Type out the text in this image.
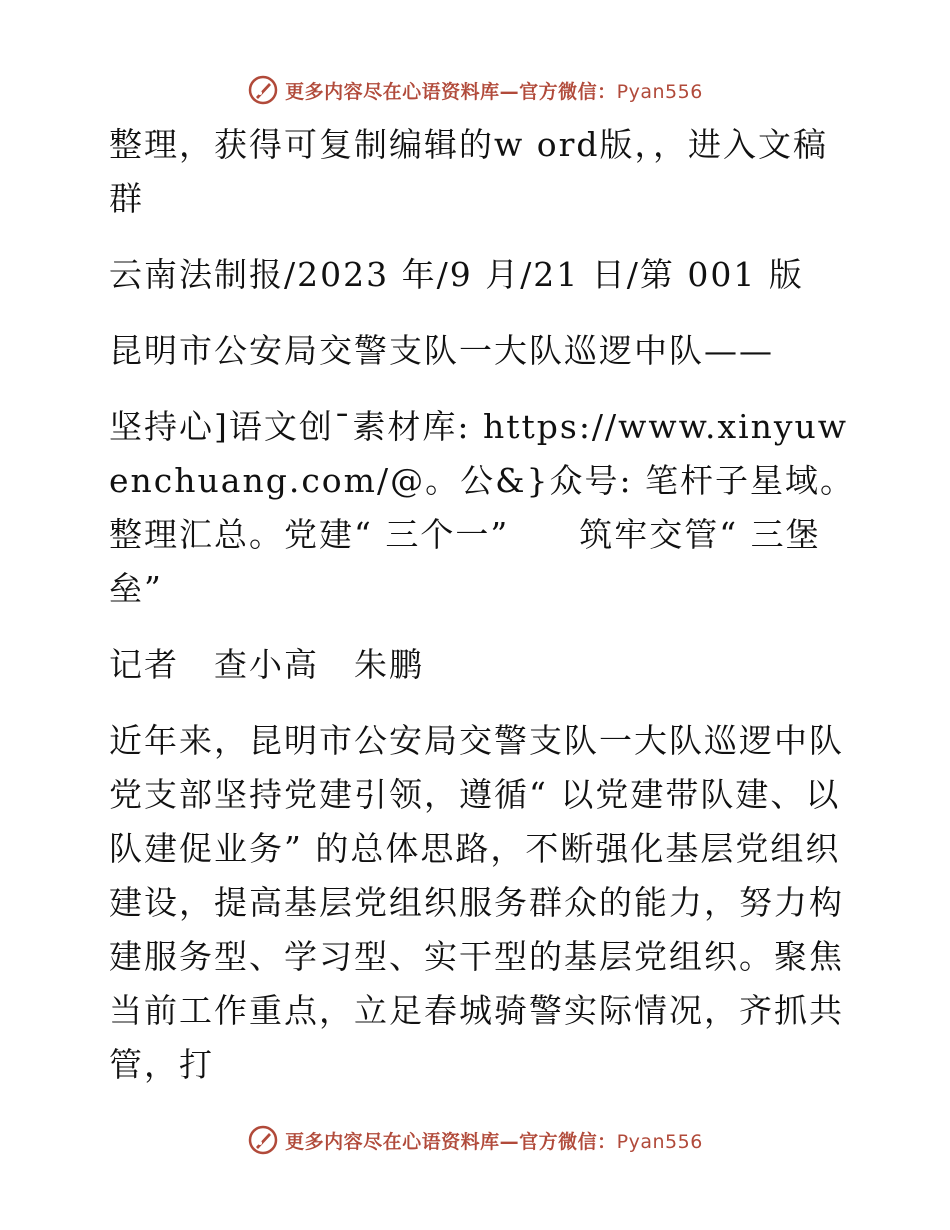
更多内容尽在心语资料库—官方微信：Pyan556

整理，获得可复制编辑的w ord版，，进入文稿群

云南法制报/2023 年/9 月/21 日/第 001 版

昆明市公安局交警支队一大队巡逻中队——

坚持心]语文创¯素材库: https://www.xinyuwenchuang.com/@。公&}众号: 笔杆子星域。整理汇总。党建“ 三个一”　　筑牢交管“ 三堡垒”

记者　查小高　朱鹏

近年来，昆明市公安局交警支队一大队巡逻中队党支部坚持党建引领，遵循“ 以党建带队建、以队建促业务” 的总体思路，不断强化基层党组织建设，提高基层党组织服务群众的能力，努力构建服务型、学习型、实干型的基层党组织。聚焦当前工作重点，立足春城骑警实际情况，齐抓共管，打

更多内容尽在心语资料库—官方微信：Pyan556
